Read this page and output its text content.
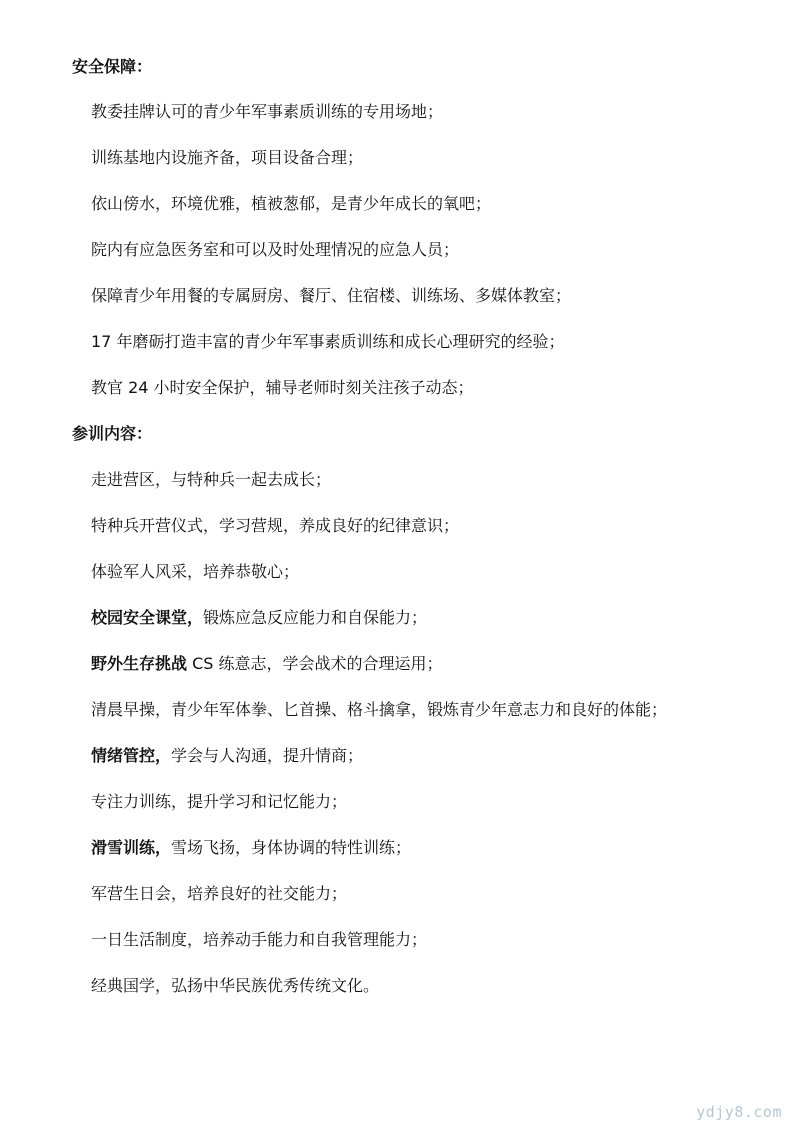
安全保障：
教委挂牌认可的青少年军事素质训练的专用场地；
训练基地内设施齐备，项目设备合理；
依山傍水，环境优雅，植被葱郁，是青少年成长的氧吧；
院内有应急医务室和可以及时处理情况的应急人员；
保障青少年用餐的专属厨房、餐厅、住宿楼、训练场、多媒体教室；
17 年磨砺打造丰富的青少年军事素质训练和成长心理研究的经验；
教官 24 小时安全保护，辅导老师时刻关注孩子动态；
参训内容：
走进营区，与特种兵一起去成长；
特种兵开营仪式，学习营规，养成良好的纪律意识；
体验军人风采，培养恭敬心；
校园安全课堂，锻炼应急反应能力和自保能力；
野外生存挑战 CS 练意志，学会战术的合理运用；
清晨早操，青少年军体拳、匕首操、格斗擒拿，锻炼青少年意志力和良好的体能；
情绪管控，学会与人沟通，提升情商；
专注力训练，提升学习和记忆能力；
滑雪训练，雪场飞扬，身体协调的特性训练；
军营生日会，培养良好的社交能力；
一日生活制度，培养动手能力和自我管理能力；
经典国学，弘扬中华民族优秀传统文化。
ydjy8.com
